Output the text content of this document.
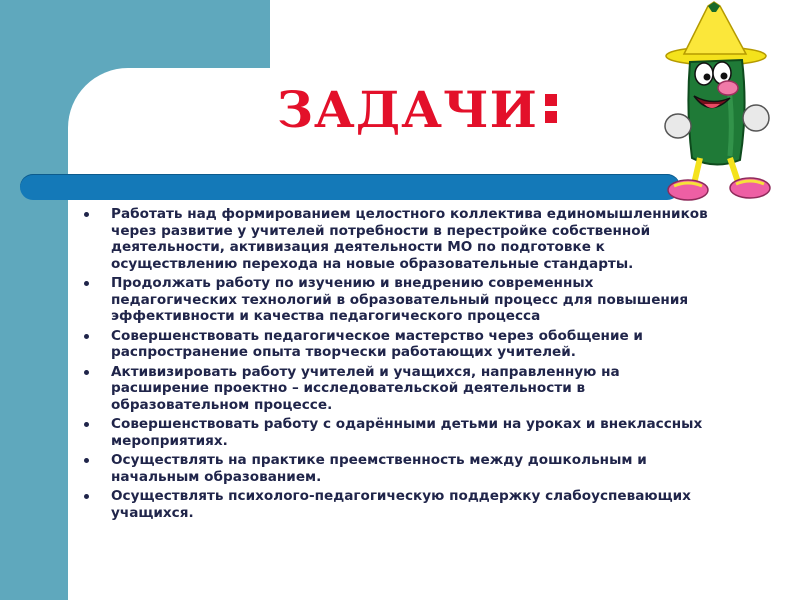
ЗАДАЧИ
Работать над формированием целостного коллектива единомышленников через развитие у учителей потребности в перестройке собственной деятельности, активизация деятельности МО по подготовке к осуществлению перехода на новые образовательные стандарты.
Продолжать работу по изучению и внедрению современных педагогических технологий в образовательный процесс для повышения эффективности и качества педагогического процесса
Совершенствовать педагогическое мастерство через обобщение и распространение опыта творчески работающих учителей.
Активизировать работу учителей и учащихся, направленную на расширение проектно – исследовательской деятельности в образовательном процессе.
Совершенствовать работу с одарёнными детьми на уроках и внеклассных мероприятиях.
Осуществлять на практике преемственность между дошкольным и начальным образованием.
Осуществлять психолого-педагогическую поддержку слабоуспевающих учащихся.
